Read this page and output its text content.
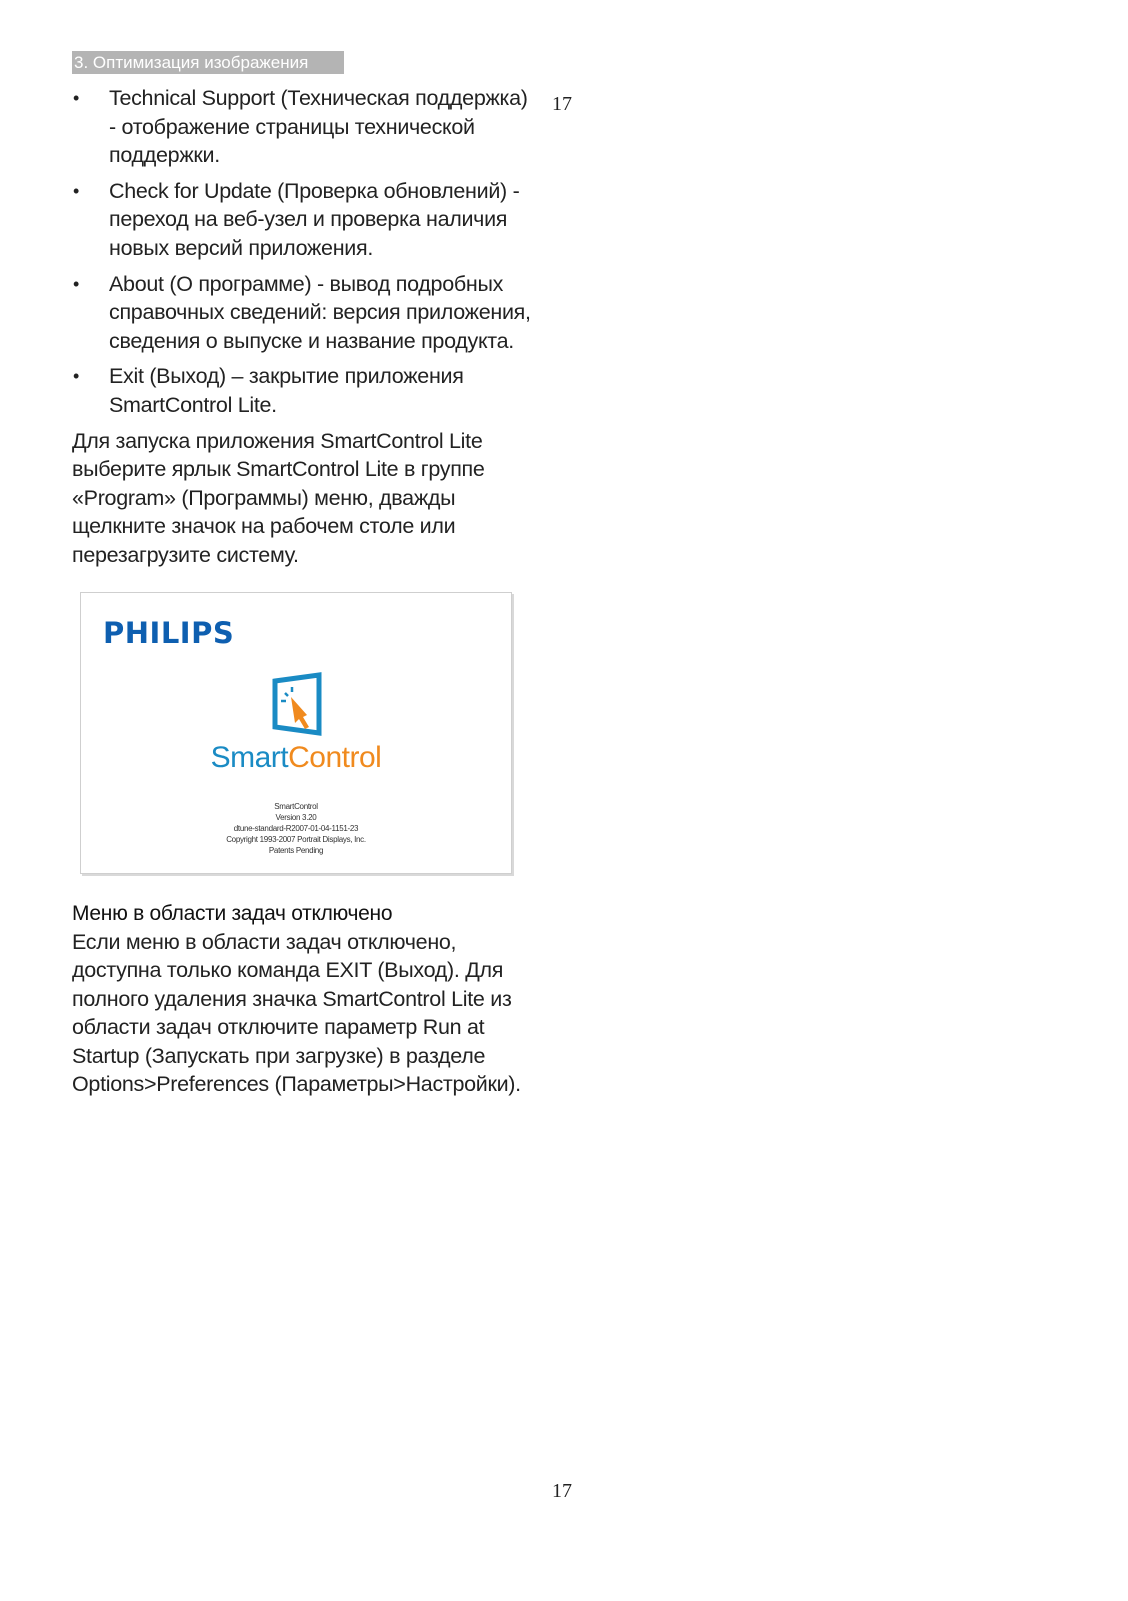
3. Оптимизация изображения
17
• Technical Support (Техническая поддержка) - отображение страницы технической поддержки.
• Check for Update (Проверка обновлений) - переход на веб-узел и проверка наличия новых версий приложения.
• About (О программе) - вывод подробных справочных сведений: версия приложения, сведения о выпуске и название продукта.
• Exit (Выход) – закрытие приложения SmartControl Lite.

Для запуска приложения SmartControl Lite выберите ярлык SmartControl Lite в группе «Program» (Программы) меню, дважды щелкните значок на рабочем столе или перезагрузите систему.

PHILIPS
SmartControl
SmartControl
Version 3.20
dtune-standard-R2007-01-04-1151-23
Copyright 1993-2007 Portrait Displays, Inc.
Patents Pending
Меню в области задач отключено

Если меню в области задач отключено, доступна только команда EXIT (Выход). Для полного удаления значка SmartControl Lite из области задач отключите параметр Run at Startup (Запускать при загрузке) в разделе Options>Preferences (Параметры>Настройки).

17
